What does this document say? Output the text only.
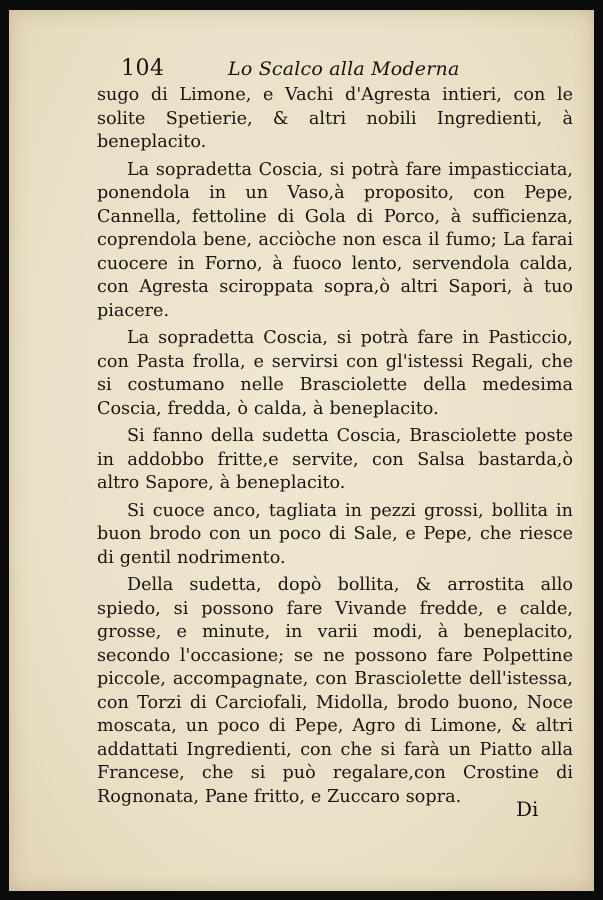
104	Lo Scalco alla Moderna

sugo di Limone, e Vachi d'Agresta intieri, con le solite Spetierie, & altri nobili Ingredienti, à beneplacito.

La sopradetta Coscia, si potrà fare impasticciata, ponendola in un Vaso,à proposito, con Pepe, Cannella, fettoline di Gola di Porco, à sufficienza, coprendola bene, acciòche non esca il fumo; La farai cuocere in Forno, à fuoco lento, servendola calda, con Agresta sciroppata sopra,ò altri Sapori, à tuo piacere.

La sopradetta Coscia, si potrà fare in Pasticcio, con Pasta frolla, e servirsi con gl'istessi Regali, che si costumano nelle Brasciolette della medesima Coscia, fredda, ò calda, à beneplacito.

Si fanno della sudetta Coscia, Brasciolette poste in addobbo fritte,e servite, con Salsa bastarda,ò altro Sapore, à beneplacito.

Si cuoce anco, tagliata in pezzi grossi, bollita in buon brodo con un poco di Sale, e Pepe, che riesce di gentil nodrimento.

Della sudetta, dopò bollita, & arrostita allo spiedo, si possono fare Vivande fredde, e calde, grosse, e minute, in varii modi, à beneplacito, secondo l'occasione; se ne possono fare Polpettine piccole, accompagnate, con Brasciolette dell'istessa, con Torzi di Carciofali, Midolla, brodo buono, Noce moscata, un poco di Pepe, Agro di Limone, & altri addattati Ingredienti, con che si farà un Piatto alla Francese, che si può regalare,con Crostine di Rognonata, Pane fritto, e Zuccaro sopra.

Di
